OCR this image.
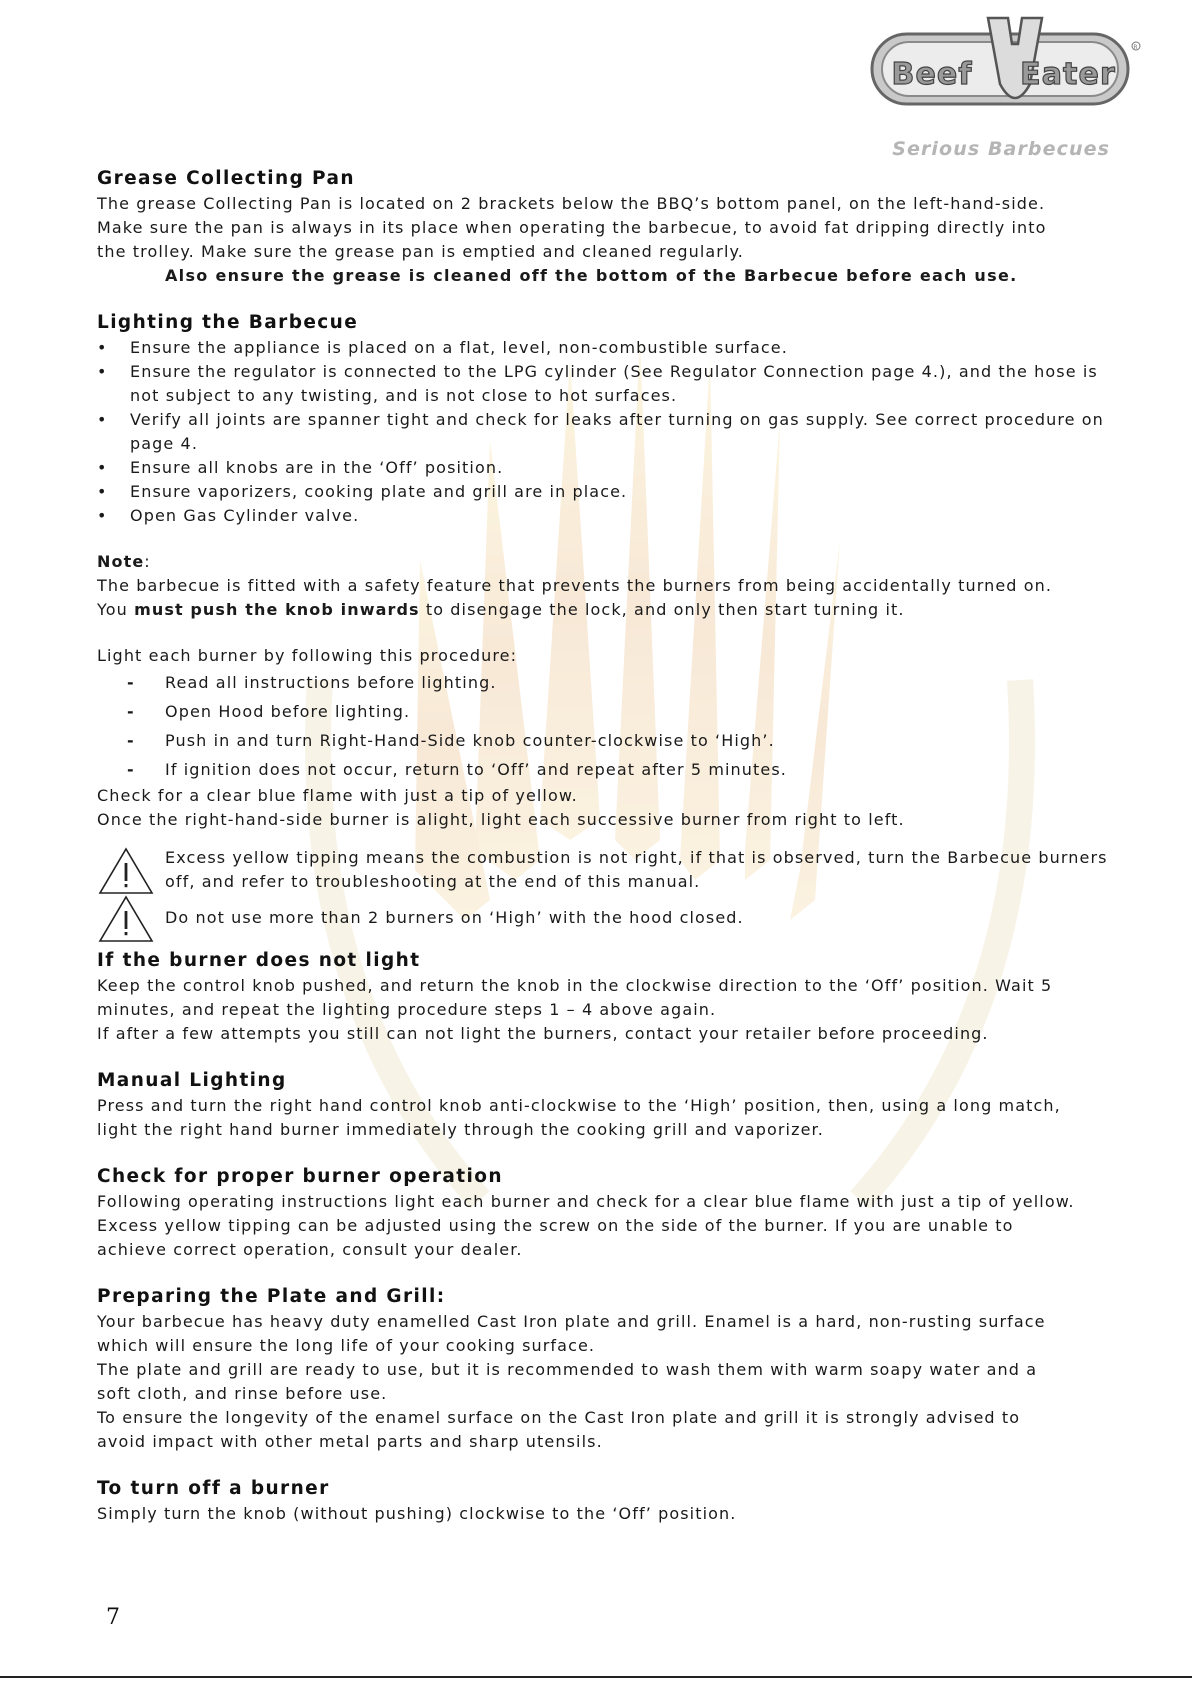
Beef Eater
R
Serious Barbecues
Grease Collecting Pan

The grease Collecting Pan is located on 2 brackets below the BBQ’s bottom panel, on the left-hand-side.

Make sure the pan is always in its place when operating the barbecue, to avoid fat dripping directly into

the trolley. Make sure the grease pan is emptied and cleaned regularly.

Also ensure the grease is cleaned off the bottom of the Barbecue before each use.

Lighting the Barbecue
• Ensure the appliance is placed on a flat, level, non-combustible surface.
• Ensure the regulator is connected to the LPG cylinder (See Regulator Connection page 4.), and the hose is not subject to any twisting, and is not close to hot surfaces.
• Verify all joints are spanner tight and check for leaks after turning on gas supply. See correct procedure on page 4.
• Ensure all knobs are in the ‘Off’ position.
• Ensure vaporizers, cooking plate and grill are in place.
• Open Gas Cylinder valve.

Note:

The barbecue is fitted with a safety feature that prevents the burners from being accidentally turned on.

You must push the knob inwards to disengage the lock, and only then start turning it.

Light each burner by following this procedure:

- Read all instructions before lighting.
- Open Hood before lighting.
- Push in and turn Right-Hand-Side knob counter-clockwise to ‘High’.
- If ignition does not occur, return to ‘Off’ and repeat after 5 minutes.

Check for a clear blue flame with just a tip of yellow.

Once the right-hand-side burner is alight, light each successive burner from right to left.

Excess yellow tipping means the combustion is not right, if that is observed, turn the Barbecue burners off, and refer to troubleshooting at the end of this manual.

Do not use more than 2 burners on ‘High’ with the hood closed.

If the burner does not light

Keep the control knob pushed, and return the knob in the clockwise direction to the ‘Off’ position. Wait 5

minutes, and repeat the lighting procedure steps 1 – 4 above again.

If after a few attempts you still can not light the burners, contact your retailer before proceeding.

Manual Lighting

Press and turn the right hand control knob anti-clockwise to the ‘High’ position, then, using a long match,

light the right hand burner immediately through the cooking grill and vaporizer.

Check for proper burner operation

Following operating instructions light each burner and check for a clear blue flame with just a tip of yellow.

Excess yellow tipping can be adjusted using the screw on the side of the burner. If you are unable to

achieve correct operation, consult your dealer.

Preparing the Plate and Grill:

Your barbecue has heavy duty enamelled Cast Iron plate and grill. Enamel is a hard, non-rusting surface

which will ensure the long life of your cooking surface.

The plate and grill are ready to use, but it is recommended to wash them with warm soapy water and a

soft cloth, and rinse before use.

To ensure the longevity of the enamel surface on the Cast Iron plate and grill it is strongly advised to

avoid impact with other metal parts and sharp utensils.

To turn off a burner

Simply turn the knob (without pushing) clockwise to the ‘Off’ position.

7
